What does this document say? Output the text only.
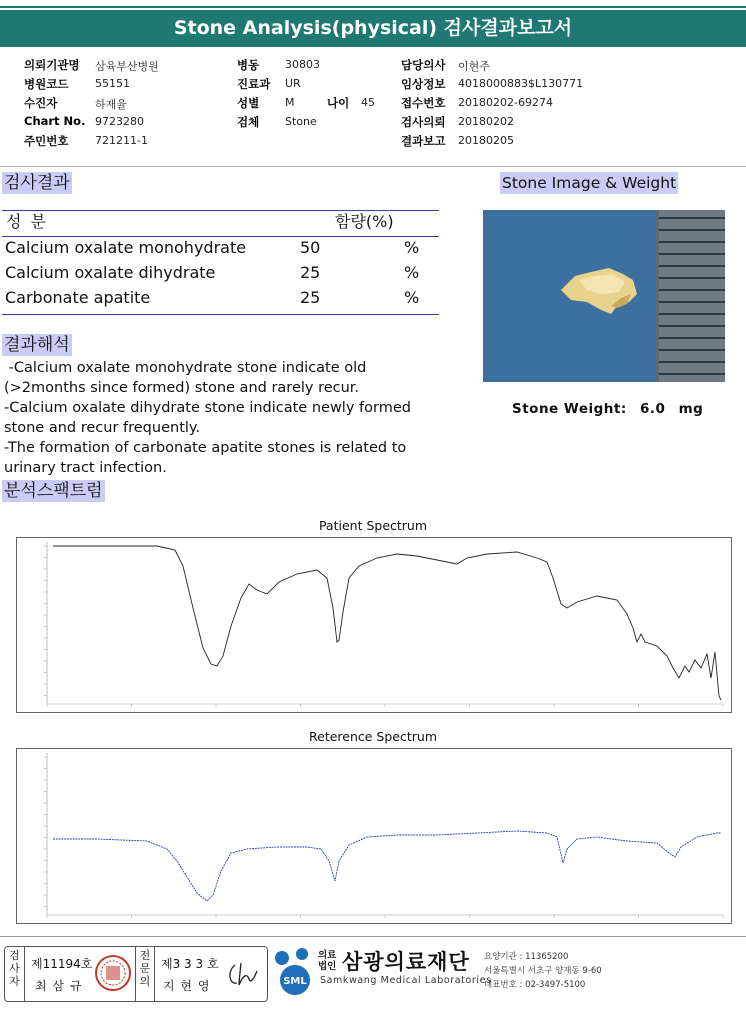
Stone Analysis(physical) 검사결과보고서
의뢰기관명 삼육부산병원
병원코드 55151
수진자	하재율
Chart No. 9723280
주민번호 721211-1
병동 30803
진료과 UR
성별 M
검체 Stone
담당의사 이현주
임상정보 4018000883$L130771
접수번호 20180202-69274
검사의뢰 20180202
결과보고 20180205
나이 45
검사결과
성 분	함량(%)
Calcium oxalate monohydrate	50	%
Calcium oxalate dihydrate	25	%
Carbonate apatite	25	%
Stone Image & Weight
Stone Weight: 6.0 mg
결과해석
-Calcium oxalate monohydrate stone indicate old
(>2months since formed) stone and rarely recur.
-Calcium oxalate dihydrate stone indicate newly formed
stone and recur frequently.
-The formation of carbonate apatite stones is related to
urinary tract infection.
분석스팩트럼
Patient Spectrum
Reterence Spectrum
검사자
제11194호
최 삼 규
전문의
제3 3 3 호
지 현 영	SML
의료법인 삼광의료재단
Samkwang Medical Laboratories
요양기관 : 11365200
서울특별시 서초구 양재동 9-60
대표번호 : 02-3497-5100
